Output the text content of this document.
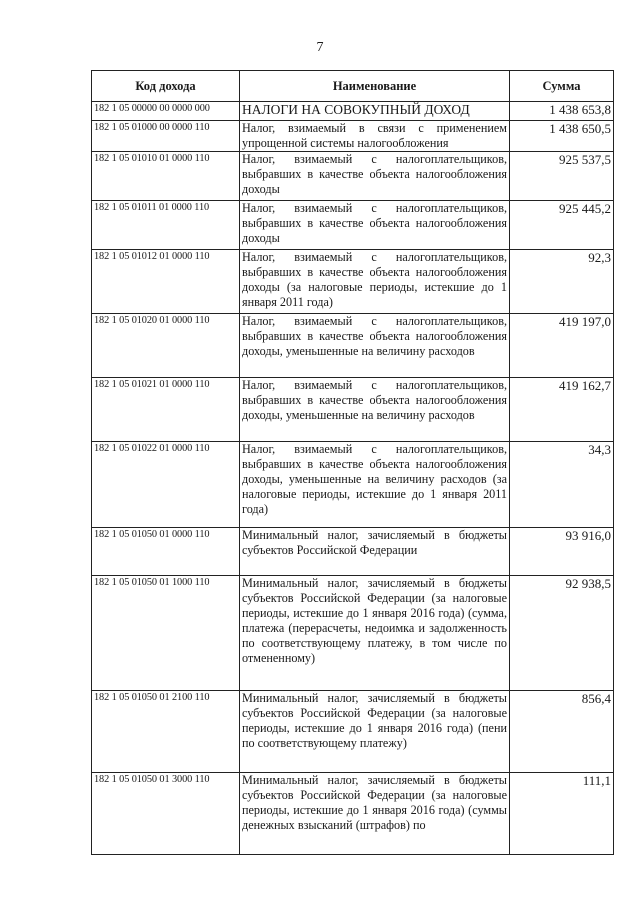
7
Код дохода	Наименование	Сумма
182 1 05 00000 00 0000 000	НАЛОГИ НА СОВОКУПНЫЙ ДОХОД	1 438 653,8
182 1 05 01000 00 0000 110	Налог, взимаемый в связи с применением упрощенной системы налогообложения	1 438 650,5
182 1 05 01010 01 0000 110	Налог, взимаемый с налогоплательщиков, выбравших в качестве объекта налогообложения доходы	925 537,5
182 1 05 01011 01 0000 110	Налог, взимаемый с налогоплательщиков, выбравших в качестве объекта налогообложения доходы	925 445,2
182 1 05 01012 01 0000 110	Налог, взимаемый с налогоплательщиков, выбравших в качестве объекта налогообложения доходы (за налоговые периоды, истекшие до 1 января 2011 года)	92,3
182 1 05 01020 01 0000 110	Налог, взимаемый с налогоплательщиков, выбравших в качестве объекта налогообложения доходы, уменьшенные на величину расходов	419 197,0
182 1 05 01021 01 0000 110	Налог, взимаемый с налогоплательщиков, выбравших в качестве объекта налогообложения доходы, уменьшенные на величину расходов	419 162,7
182 1 05 01022 01 0000 110	Налог, взимаемый с налогоплательщиков, выбравших в качестве объекта налогообложения доходы, уменьшенные на величину расходов (за налоговые периоды, истекшие до 1 января 2011 года)	34,3
182 1 05 01050 01 0000 110	Минимальный налог, зачисляемый в бюджеты субъектов Российской Федерации	93 916,0
182 1 05 01050 01 1000 110	Минимальный налог, зачисляемый в бюджеты субъектов Российской Федерации (за налоговые периоды, истекшие до 1 января 2016 года) (сумма, платежа (перерасчеты, недоимка и задолженность по соответствующему платежу, в том числе по отмененному)	92 938,5
182 1 05 01050 01 2100 110	Минимальный налог, зачисляемый в бюджеты субъектов Российской Федерации (за налоговые периоды, истекшие до 1 января 2016 года) (пени по соответствующему платежу)	856,4
182 1 05 01050 01 3000 110	Минимальный налог, зачисляемый в бюджеты субъектов Российской Федерации (за налоговые периоды, истекшие до 1 января 2016 года) (суммы денежных взысканий (штрафов) по	111,1
